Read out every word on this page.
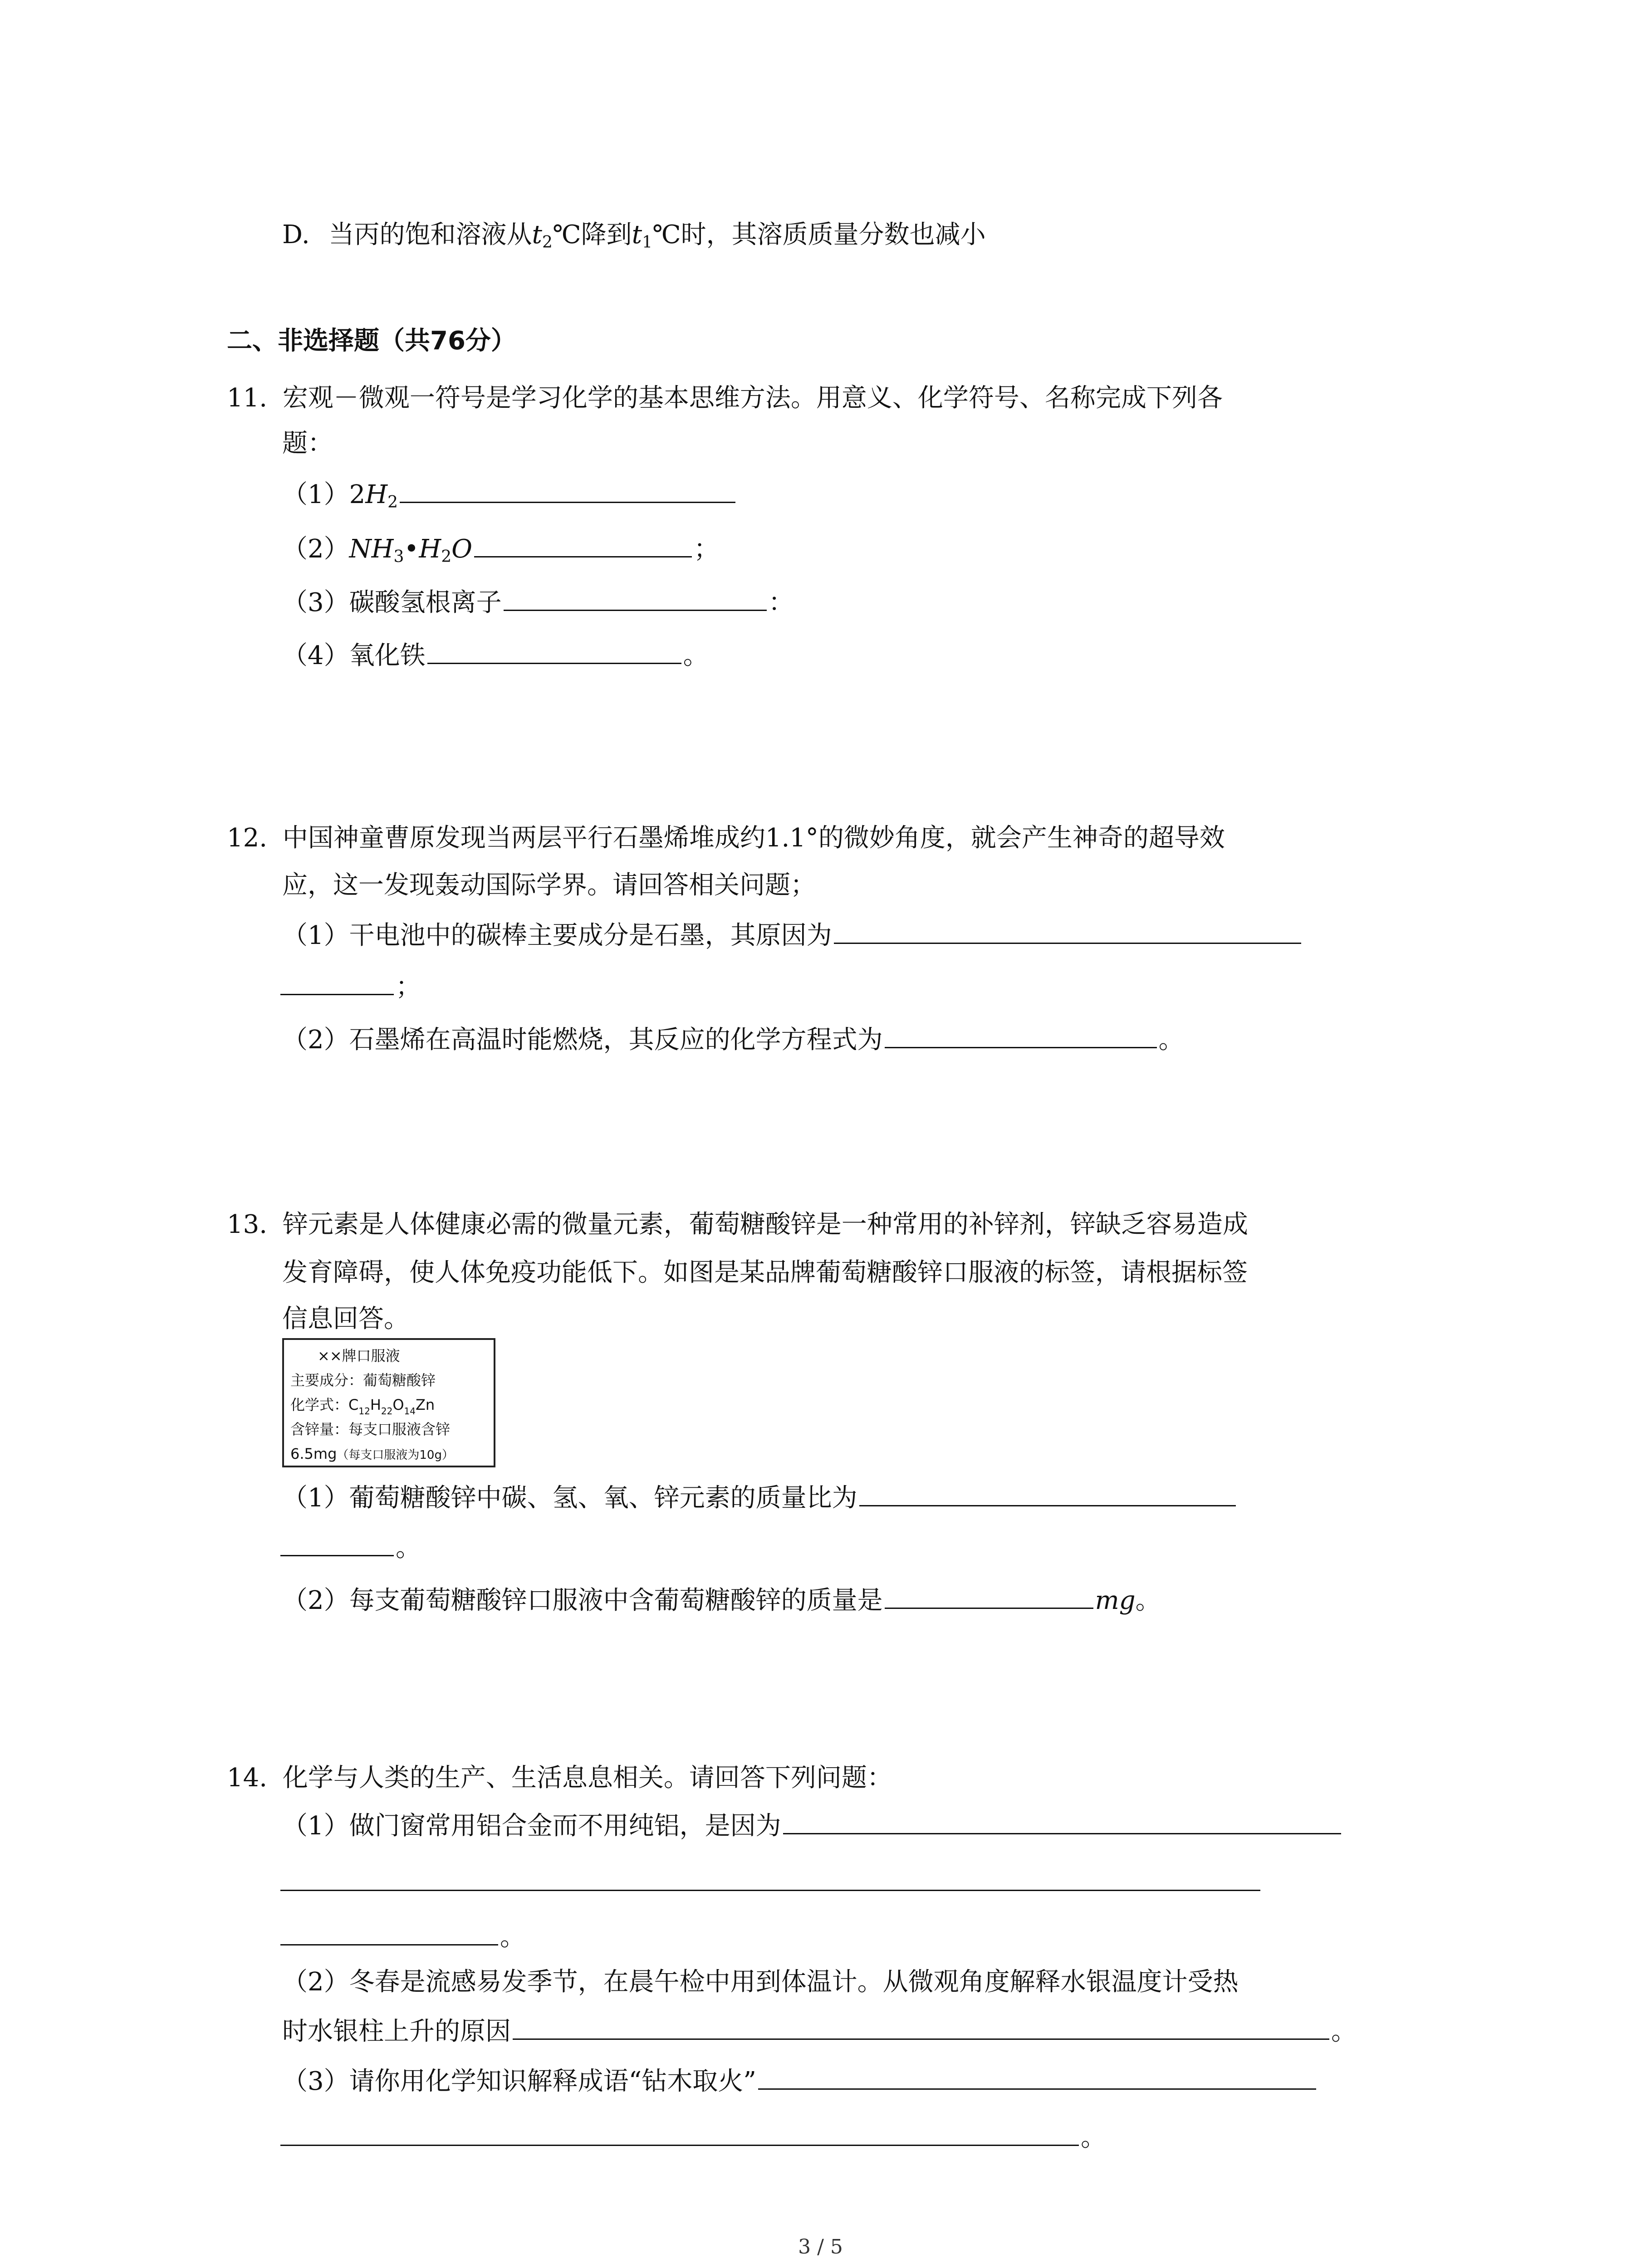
D. 当丙的饱和溶液从$t_2℃$降到$t_1℃$时，其溶质质量分数也减小
二、非选择题（共76分）
11. 宏观－微观一符号是学习化学的基本思维方法。用意义、化学符号、名称完成下列各
题：
$(1)2H_2$
$(2)NH_3•H_2O$	；
（3）碳酸氢根离子	：
（4）氧化铁	。
12. 中国神童曹原发现当两层平行石墨烯堆成约1.1°的微妙角度，就会产生神奇的超导效
应，这一发现轰动国际学界。请回答相关问题；
（1）干电池中的碳棒主要成分是石墨，其原因为
；
（2）石墨烯在高温时能燃烧，其反应的化学方程式为	。
13. 锌元素是人体健康必需的微量元素，葡萄糖酸锌是一种常用的补锌剂，锌缺乏容易造成
发育障碍，使人体免疫功能低下。如图是某品牌葡萄糖酸锌口服液的标签，请根据标签
信息回答。
××牌口服液
主要成分：葡萄糖酸锌
化学式：$C_{12}H_{22}O_{14}Zn$
含锌量：每支口服液含锌
6.5mg（每支口服液为10g）
（1）葡萄糖酸锌中碳、氢、氧、锌元素的质量比为
。
（2）每支葡萄糖酸锌口服液中含葡萄糖酸锌的质量是	mg。
14. 化学与人类的生产、生活息息相关。请回答下列问题：
（1）做门窗常用铝合金而不用纯铝，是因为
。
（2）冬春是流感易发季节，在晨午检中用到体温计。从微观角度解释水银温度计受热
时水银柱上升的原因	。
（3）请你用化学知识解释成语“钻木取火”
。
3 / 5
